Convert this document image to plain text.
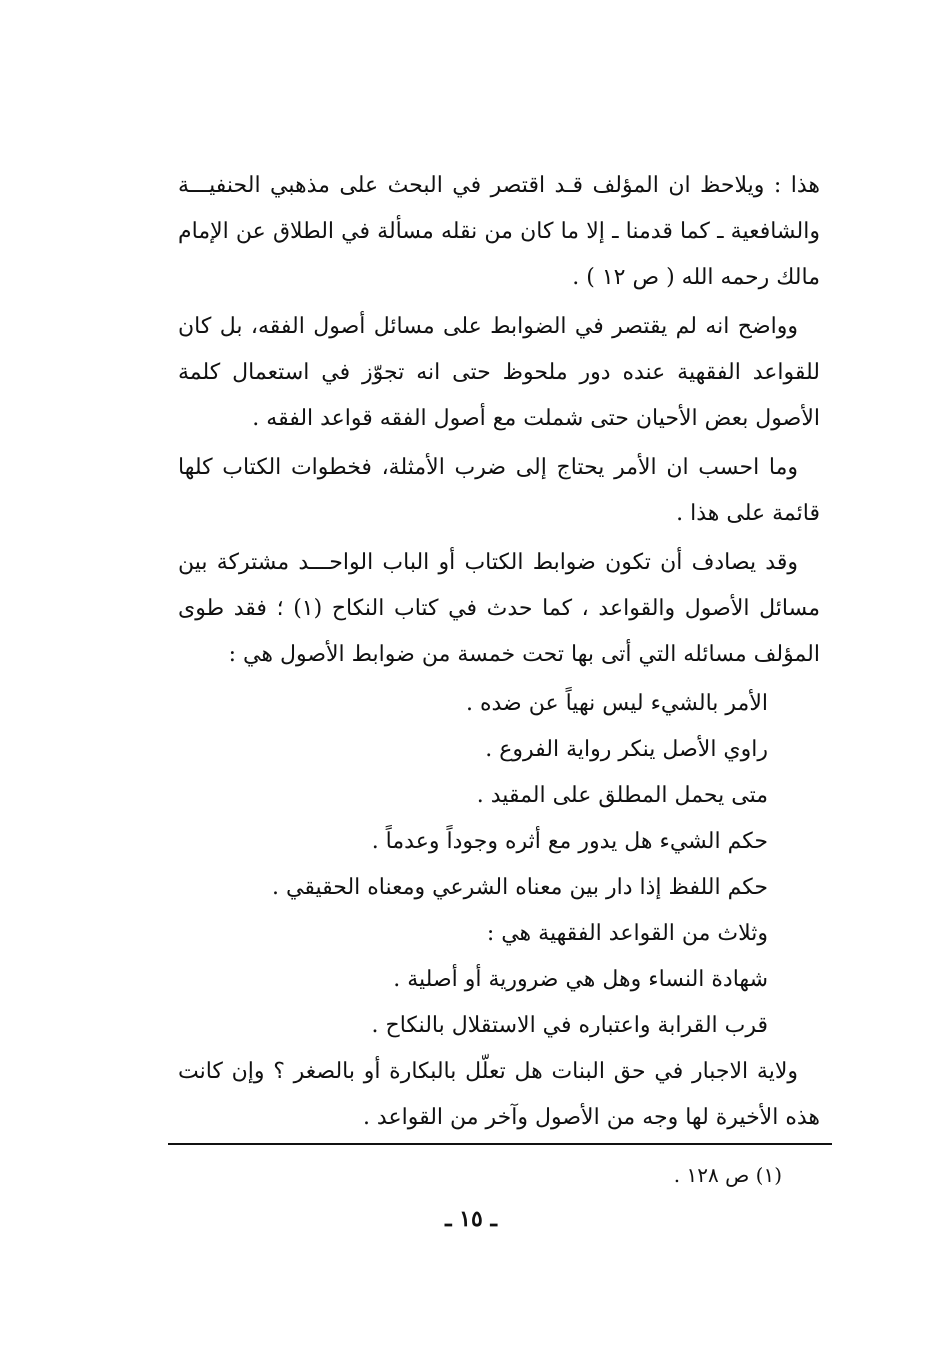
هذا : ويلاحظ ان المؤلف قـد اقتصر في البحث على مذهبي الحنفيـــة والشافعية ـ كما قدمنا ـ إلا ما كان من نقله مسألة في الطلاق عن الإمام مالك رحمه الله ( ص ١٢ ) .

وواضح انه لم يقتصر في الضوابط على مسائل أصول الفقه، بل كان للقواعد الفقهية عنده دور ملحوظ حتى انه تجوّز في استعمال كلمة الأصول بعض الأحيان حتى شملت مع أصول الفقه قواعد الفقه .

وما احسب ان الأمر يحتاج إلى ضرب الأمثلة، فخطوات الكتاب كلها قائمة على هذا .

وقد يصادف أن تكون ضوابط الكتاب أو الباب الواحـــد مشتركة بين مسائل الأصول والقواعد ، كما حدث في كتاب النكاح (١) ؛ فقد طوى المؤلف مسائله التي أتى بها تحت خمسة من ضوابط الأصول هي :

الأمر بالشيء ليس نهياً عن ضده .

راوي الأصل ينكر رواية الفروع .

متى يحمل المطلق على المقيد .

حكم الشيء هل يدور مع أثره وجوداً وعدماً .

حكم اللفظ إذا دار بين معناه الشرعي ومعناه الحقيقي .

وثلاث من القواعد الفقهية هي :

شهادة النساء وهل هي ضرورية أو أصلية .

قرب القرابة واعتباره في الاستقلال بالنكاح .

ولاية الاجبار في حق البنات هل تعلّل بالبكارة أو بالصغر ؟ وإن كانت هذه الأخيرة لها وجه من الأصول وآخر من القواعد .

(١) ص ١٢٨ .
ـ ١٥ ـ
